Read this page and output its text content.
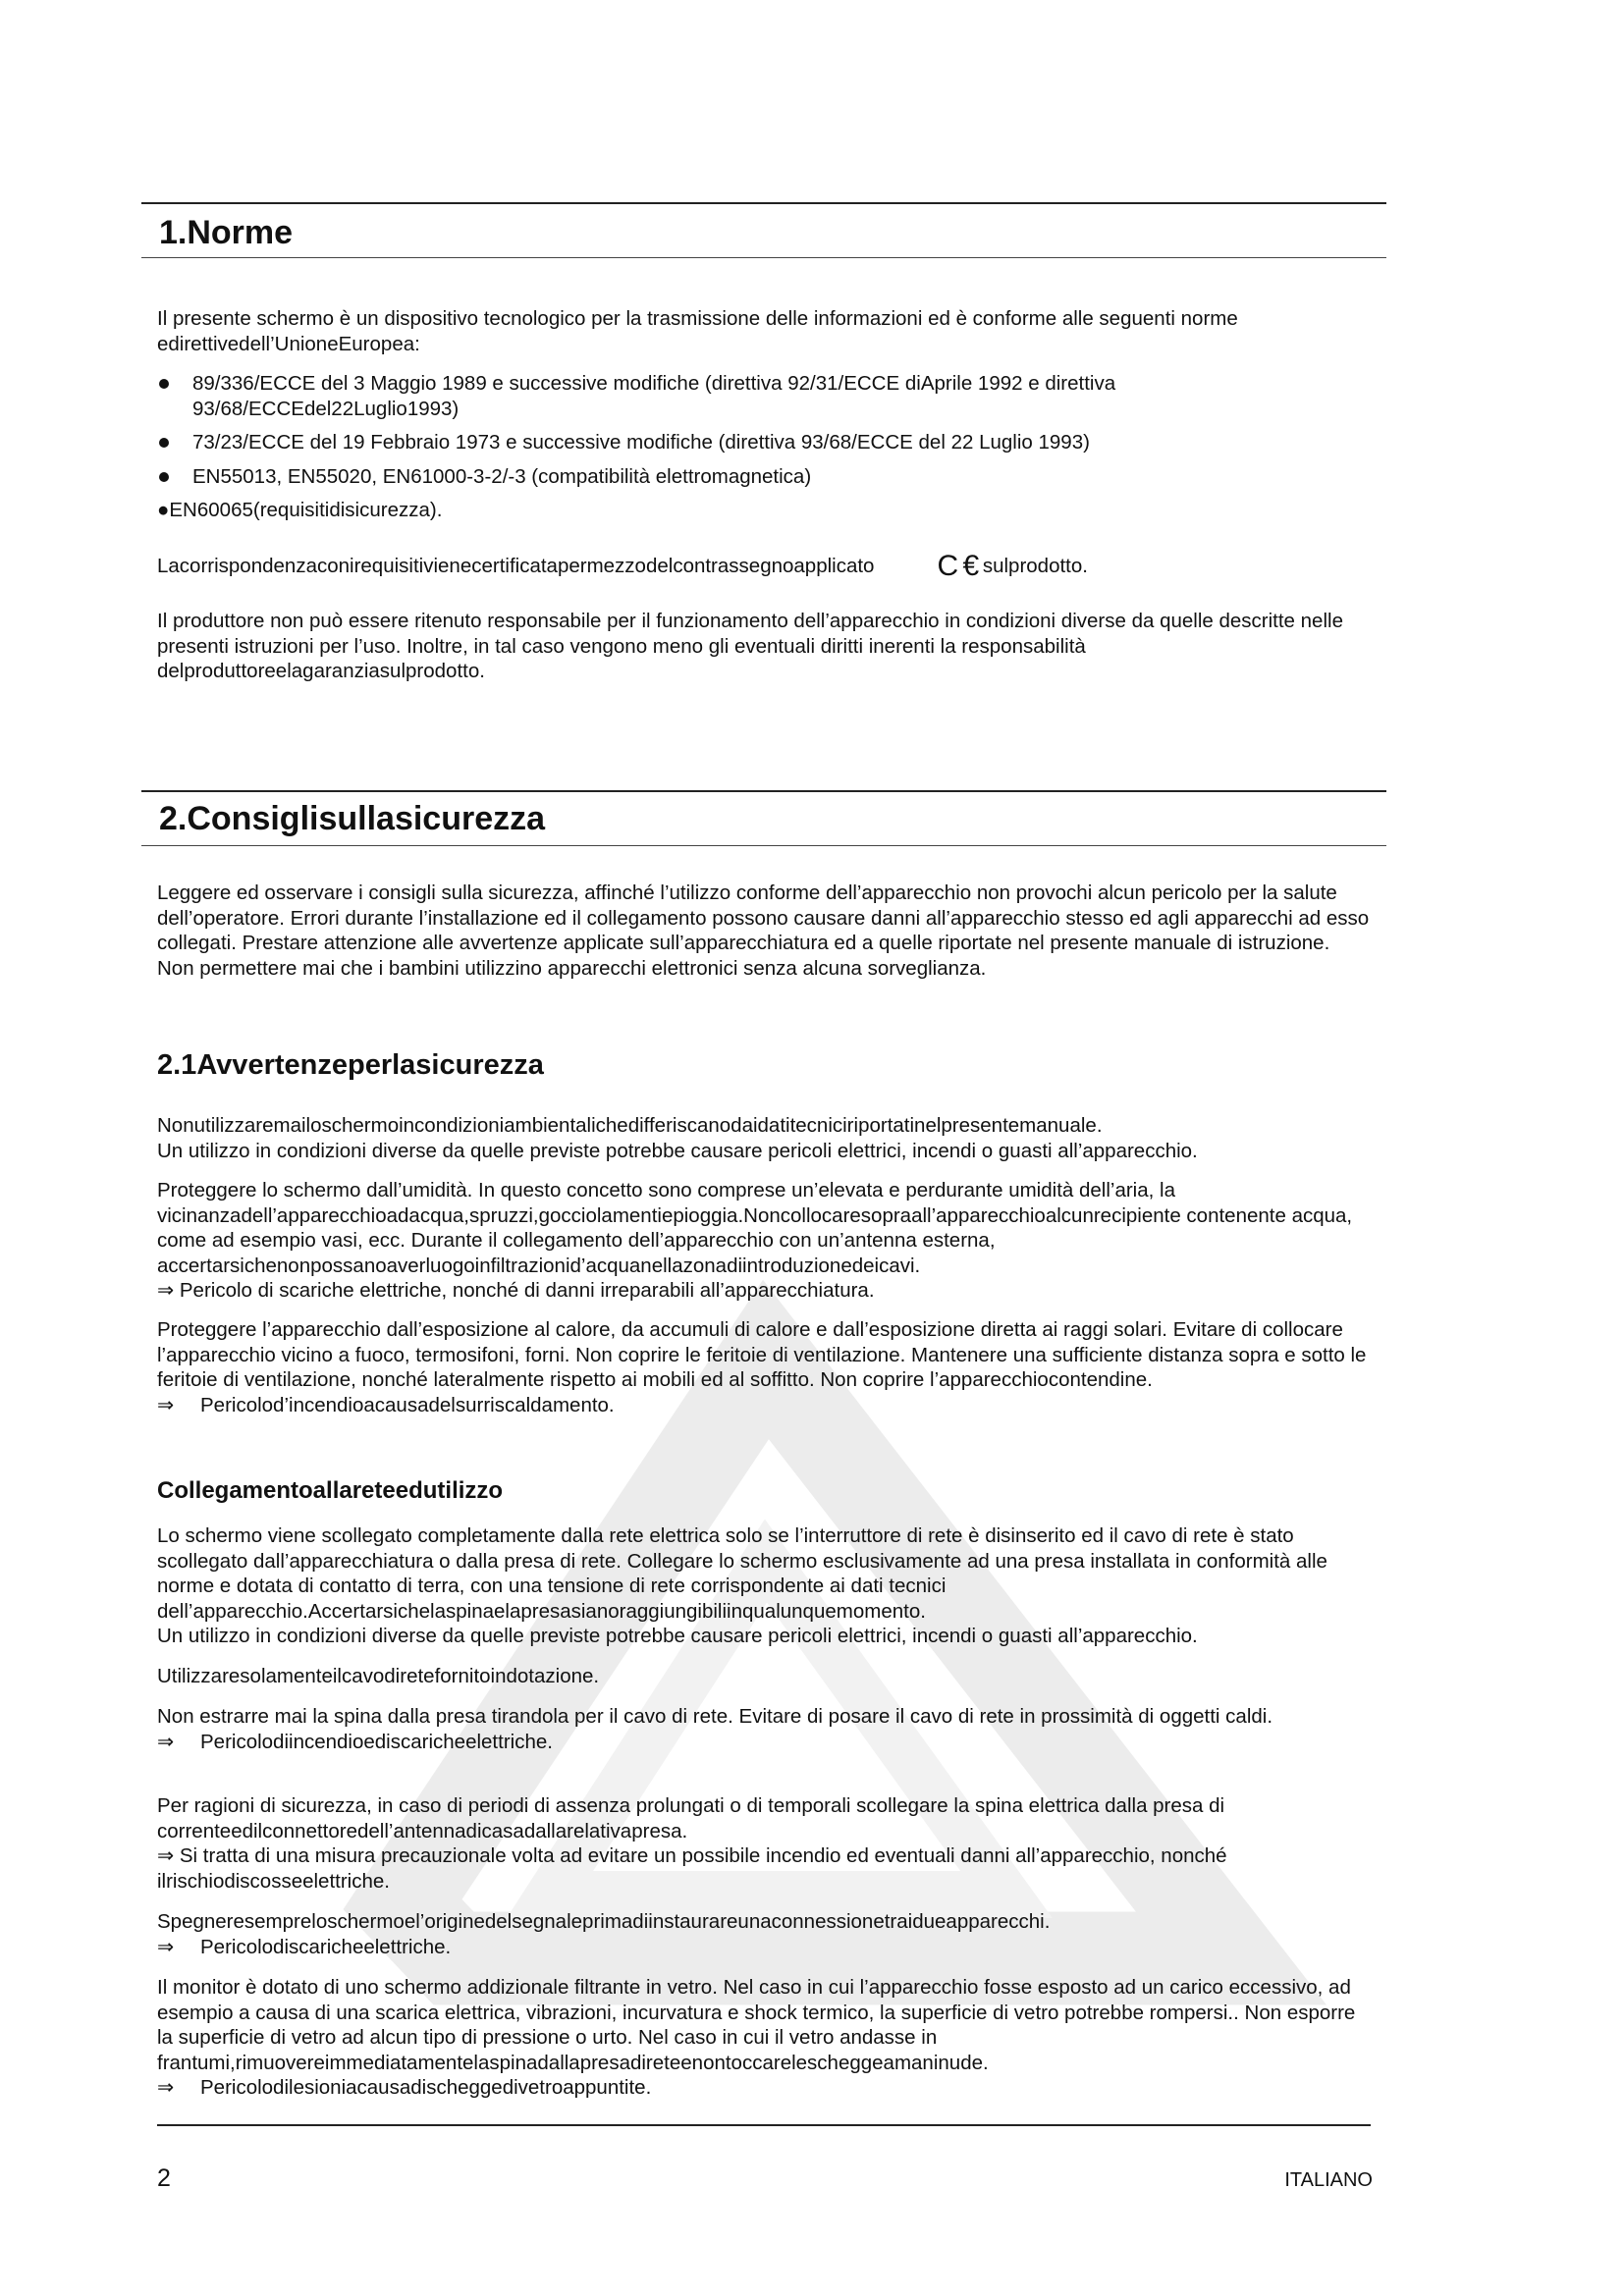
1.Norme

Il presente schermo è un dispositivo tecnologico per la trasmissione delle informazioni ed è conforme alle seguenti norme edirettivedell’UnioneEuropea:

89/336/ECCE del 3 Maggio 1989 e successive modifiche (direttiva 92/31/ECCE diAprile 1992 e direttiva 93/68/ECCEdel22Luglio1993)
73/23/ECCE del 19 Febbraio 1973 e successive modifiche (direttiva 93/68/ECCE del 22 Luglio 1993)
EN55013, EN55020, EN61000-3-2/-3 (compatibilità elettromagnetica)
●EN60065(requisitidisicurezza).

Lacorrispondenzaconirequisitivienecertificatapermezzodelcontrassegnoapplicato C € sulprodotto.

Il produttore non può essere ritenuto responsabile per il funzionamento dell’apparecchio in condizioni diverse da quelle descritte nelle presenti istruzioni per l’uso. Inoltre, in tal caso vengono meno gli eventuali diritti inerenti la responsabilità delproduttoreelagaranziasulprodotto.

2.Consiglisullasicurezza

Leggere ed osservare i consigli sulla sicurezza, affinché l’utilizzo conforme dell’apparecchio non provochi alcun pericolo per la salute dell’operatore. Errori durante l’installazione ed il collegamento possono causare danni all’apparecchio stesso ed agli apparecchi ad esso collegati. Prestare attenzione alle avvertenze applicate sull’apparecchiatura ed a quelle riportate nel presente manuale di istruzione. Non permettere mai che i bambini utilizzino apparecchi elettronici senza alcuna sorveglianza.

2.1Avvertenzeperlasicurezza

Nonutilizzaremailoschermoincondizioniambientalichedifferiscanodaidatitecniciriportatinelpresentemanuale.

Un utilizzo in condizioni diverse da quelle previste potrebbe causare pericoli elettrici, incendi o guasti all’apparecchio.

Proteggere lo schermo dall’umidità. In questo concetto sono comprese un’elevata e perdurante umidità dell’aria, la vicinanzadell’apparecchioadacqua,spruzzi,gocciolamentiepioggia.Noncollocaresopraall’apparecchioalcunrecipiente contenente acqua, come ad esempio vasi, ecc. Durante il collegamento dell’apparecchio con un’antenna esterna, accertarsichenonpossanoaverluogoinfiltrazionid’acquanellazonadiintroduzionedeicavi.

⇒ Pericolo di scariche elettriche, nonché di danni irreparabili all’apparecchiatura.

Proteggere l’apparecchio dall’esposizione al calore, da accumuli di calore e dall’esposizione diretta ai raggi solari. Evitare di collocare l’apparecchio vicino a fuoco, termosifoni, forni. Non coprire le feritoie di ventilazione. Mantenere una sufficiente distanza sopra e sotto le feritoie di ventilazione, nonché lateralmente rispetto ai mobili ed al soffitto. Non coprire l’apparecchiocontendine.

⇒ Pericolod’incendioacausadelsurriscaldamento.

Collegamentoallareteedutilizzo

Lo schermo viene scollegato completamente dalla rete elettrica solo se l’interruttore di rete è disinserito ed il cavo di rete è stato scollegato dall’apparecchiatura o dalla presa di rete. Collegare lo schermo esclusivamente ad una presa installata in conformità alle norme e dotata di contatto di terra, con una tensione di rete corrispondente ai dati tecnici dell’apparecchio.Accertarsichelaspinaelapresasianoraggiungibiliinqualunquemomento.

Un utilizzo in condizioni diverse da quelle previste potrebbe causare pericoli elettrici, incendi o guasti all’apparecchio.

Utilizzaresolamenteilcavodiretefornitoindotazione.

Non estrarre mai la spina dalla presa tirandola per il cavo di rete. Evitare di posare il cavo di rete in prossimità di oggetti caldi.

⇒ Pericolodiincendioediscaricheelettriche.

Per ragioni di sicurezza, in caso di periodi di assenza prolungati o di temporali scollegare la spina elettrica dalla presa di correnteedilconnettoredell’antennadicasadallarelativapresa.

⇒ Si tratta di una misura precauzionale volta ad evitare un possibile incendio ed eventuali danni all’apparecchio, nonché ilrischiodiscosseelettriche.

Spegneresempreloschermoel’originedelsegnaleprimadiinstaurareunaconnessionetraidueapparecchi.

⇒ Pericolodiscaricheelettriche.

Il monitor è dotato di uno schermo addizionale filtrante in vetro. Nel caso in cui l’apparecchio fosse esposto ad un carico eccessivo, ad esempio a causa di una scarica elettrica, vibrazioni, incurvatura e shock termico, la superficie di vetro potrebbe rompersi.. Non esporre la superficie di vetro ad alcun tipo di pressione o urto. Nel caso in cui il vetro andasse in frantumi,rimuovereimmediatamentelaspinadallapresadireteenontoccarelescheggeamaninude.

⇒ Pericolodilesioniacausadischeggedivetroappuntite.

2	ITALIANO
